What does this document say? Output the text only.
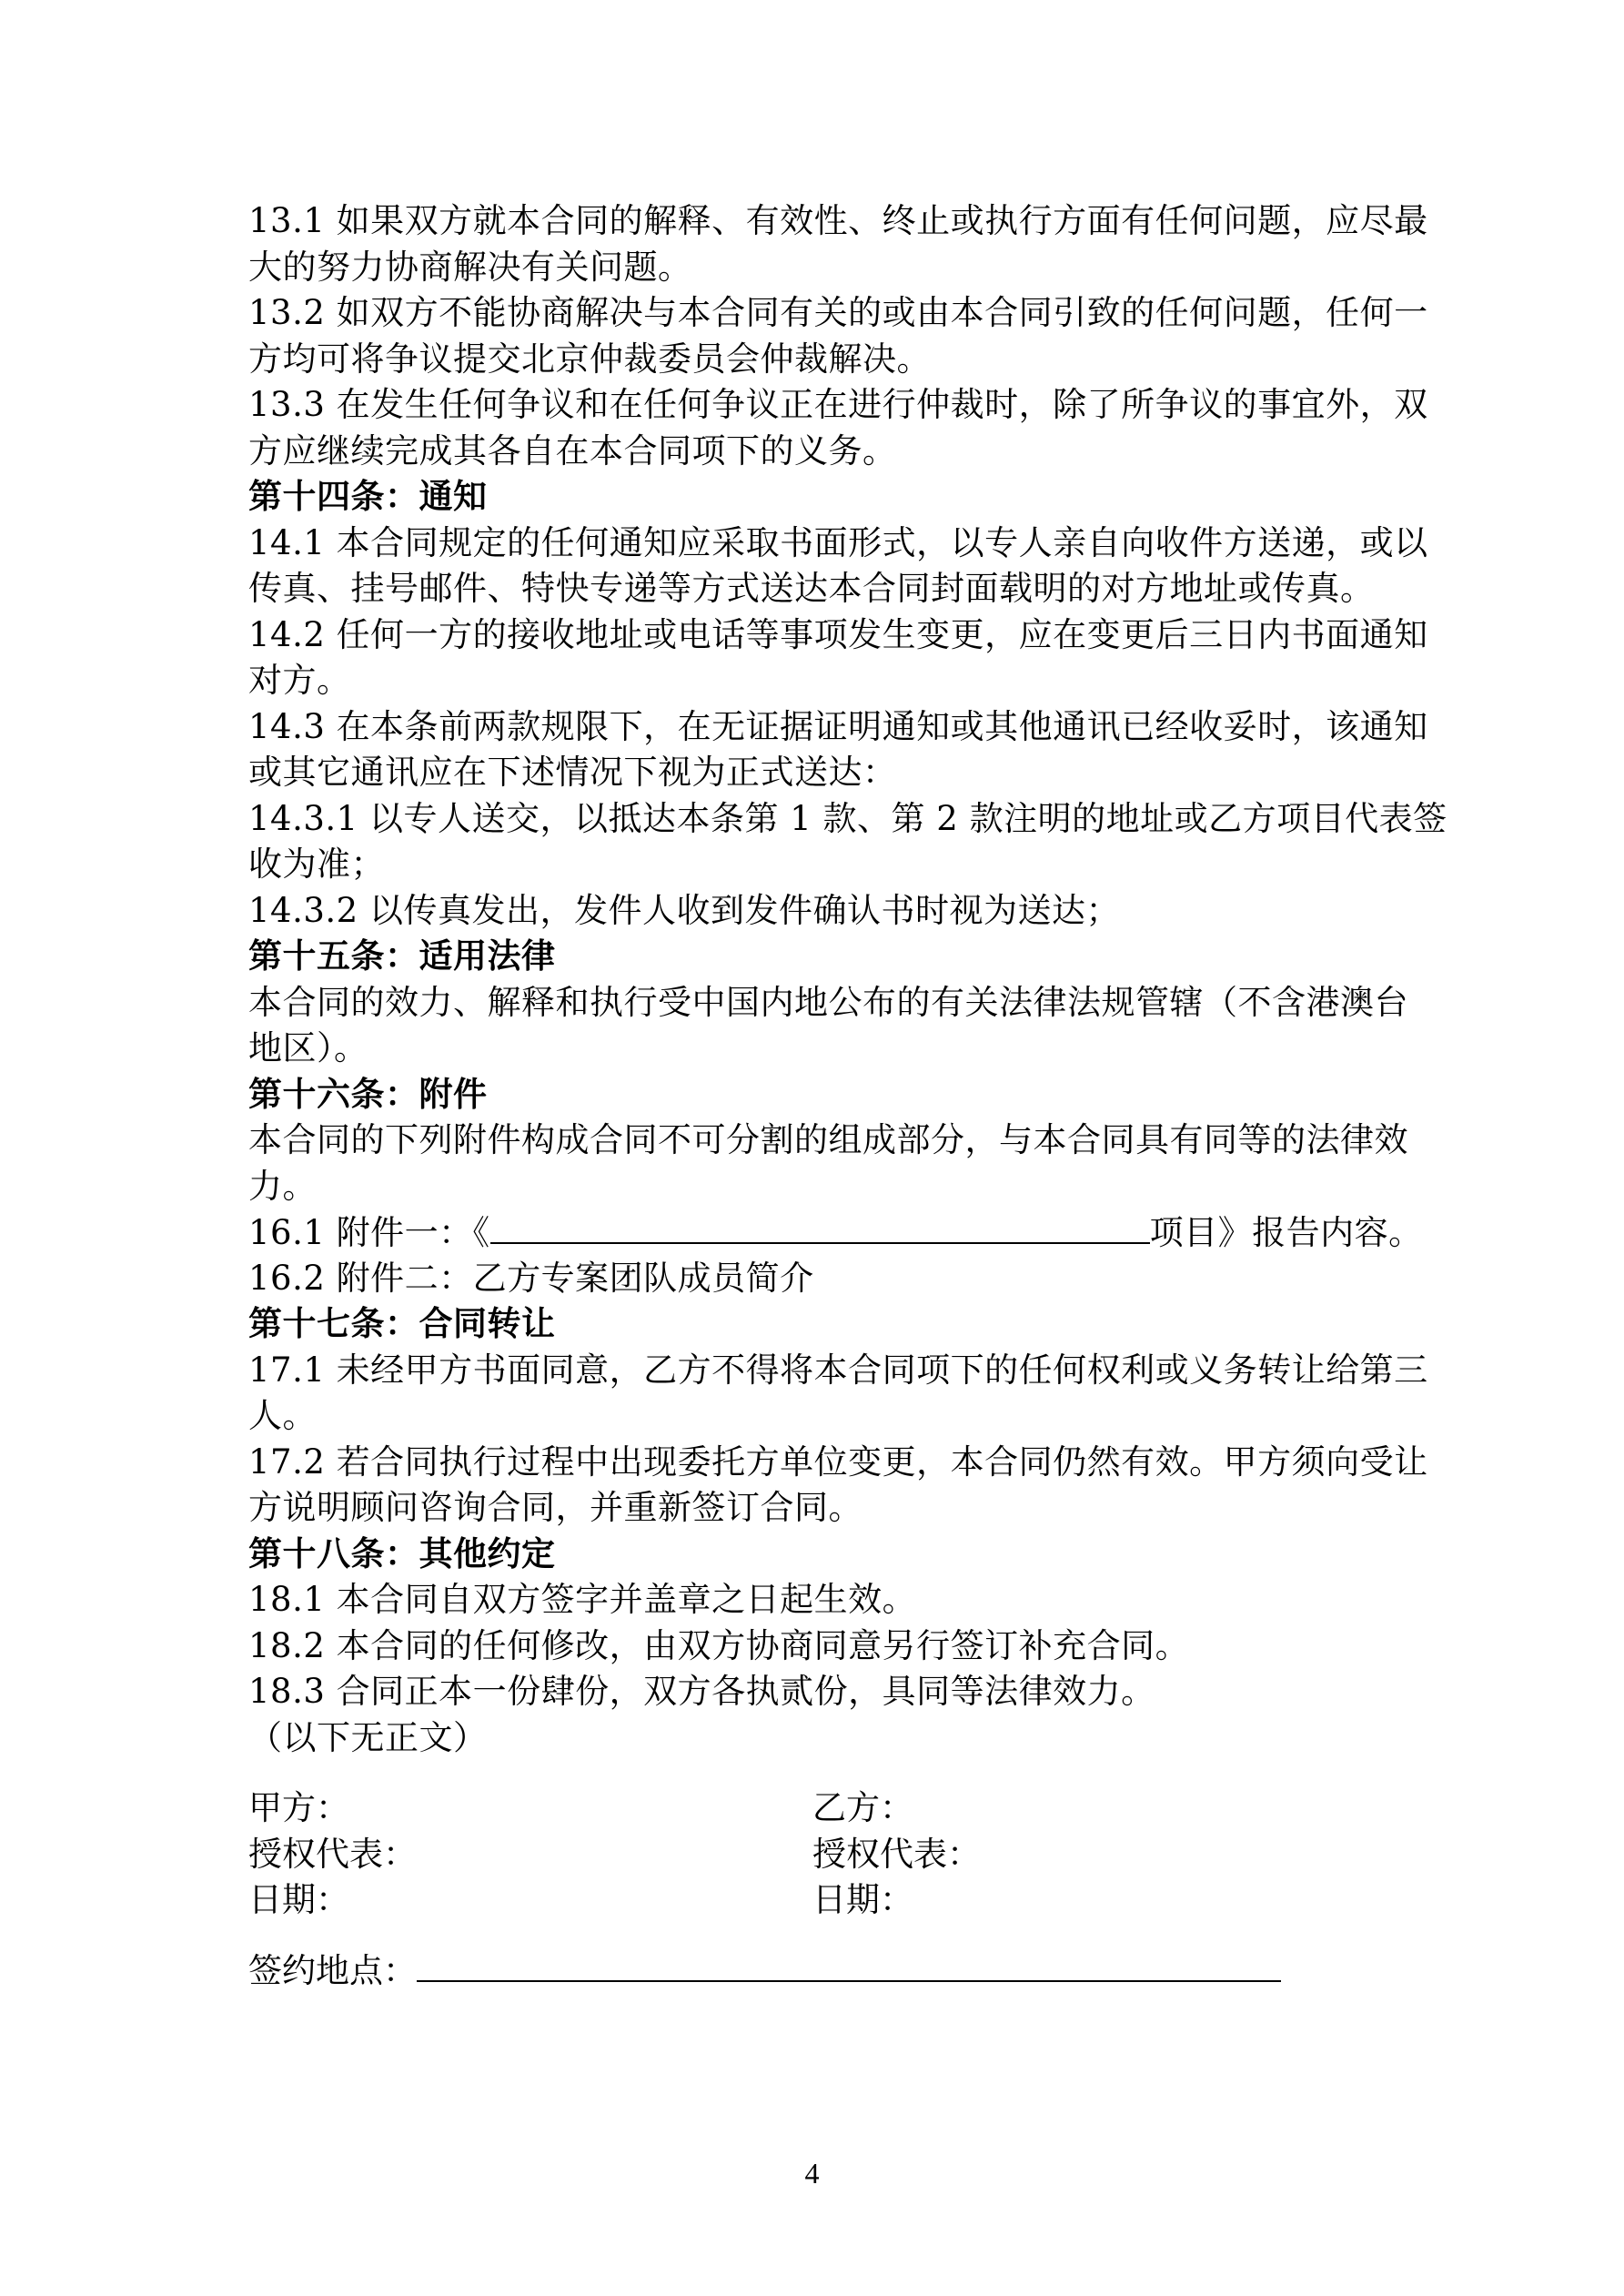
13.1 如果双方就本合同的解释、有效性、终止或执行方面有任何问题，应尽最
大的努力协商解决有关问题。
13.2 如双方不能协商解决与本合同有关的或由本合同引致的任何问题，任何一
方均可将争议提交北京仲裁委员会仲裁解决。
13.3 在发生任何争议和在任何争议正在进行仲裁时，除了所争议的事宜外，双
方应继续完成其各自在本合同项下的义务。
第十四条：通知
14.1 本合同规定的任何通知应采取书面形式，以专人亲自向收件方送递，或以
传真、挂号邮件、特快专递等方式送达本合同封面载明的对方地址或传真。
14.2 任何一方的接收地址或电话等事项发生变更，应在变更后三日内书面通知
对方。
14.3 在本条前两款规限下，在无证据证明通知或其他通讯已经收妥时，该通知
或其它通讯应在下述情况下视为正式送达：
14.3.1 以专人送交，以抵达本条第 1 款、第 2 款注明的地址或乙方项目代表签
收为准；
14.3.2 以传真发出，发件人收到发件确认书时视为送达；
第十五条：适用法律
本合同的效力、解释和执行受中国内地公布的有关法律法规管辖（不含港澳台
地区）。
第十六条：附件
本合同的下列附件构成合同不可分割的组成部分，与本合同具有同等的法律效
力。
16.1 附件一：《	项目》报告内容。
16.2 附件二：乙方专案团队成员简介
第十七条：合同转让
17.1 未经甲方书面同意，乙方不得将本合同项下的任何权利或义务转让给第三
人。
17.2 若合同执行过程中出现委托方单位变更，本合同仍然有效。甲方须向受让
方说明顾问咨询合同，并重新签订合同。
第十八条：其他约定
18.1 本合同自双方签字并盖章之日起生效。
18.2 本合同的任何修改，由双方协商同意另行签订补充合同。
18.3 合同正本一份肆份，双方各执贰份，具同等法律效力。
（以下无正文）
甲方：
授权代表：
日期：
乙方：
授权代表：
日期：
签约地点：
4
